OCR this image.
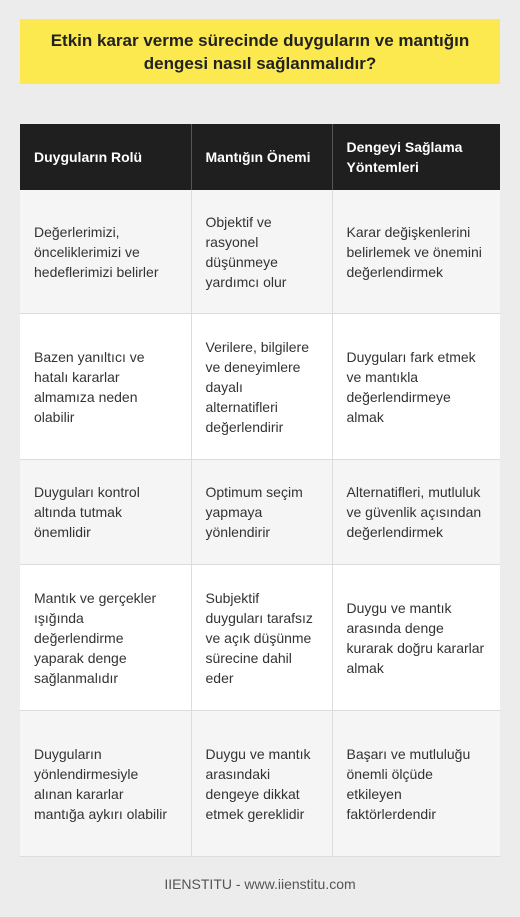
Etkin karar verme sürecinde duyguların ve mantığın dengesi nasıl sağlanmalıdır?
Duyguların Rolü	Mantığın Önemi	Dengeyi Sağlama Yöntemleri
Değerlerimizi, önceliklerimizi ve hedeflerimizi belirler	Objektif ve rasyonel düşünmeye yardımcı olur	Karar değişkenlerini belirlemek ve önemini değerlendirmek
Bazen yanıltıcı ve hatalı kararlar almamıza neden olabilir	Verilere, bilgilere ve deneyimlere dayalı alternatifleri değerlendirir	Duyguları fark etmek ve mantıkla değerlendirmeye almak
Duyguları kontrol altında tutmak önemlidir	Optimum seçim yapmaya yönlendirir	Alternatifleri, mutluluk ve güvenlik açısından değerlendirmek
Mantık ve gerçekler ışığında değerlendirme yaparak denge sağlanmalıdır	Subjektif duyguları tarafsız ve açık düşünme sürecine dahil eder	Duygu ve mantık arasında denge kurarak doğru kararlar almak
Duyguların yönlendirmesiyle alınan kararlar mantığa aykırı olabilir	Duygu ve mantık arasındaki dengeye dikkat etmek gereklidir	Başarı ve mutluluğu önemli ölçüde etkileyen faktörlerdendir
IIENSTITU - www.iienstitu.com
